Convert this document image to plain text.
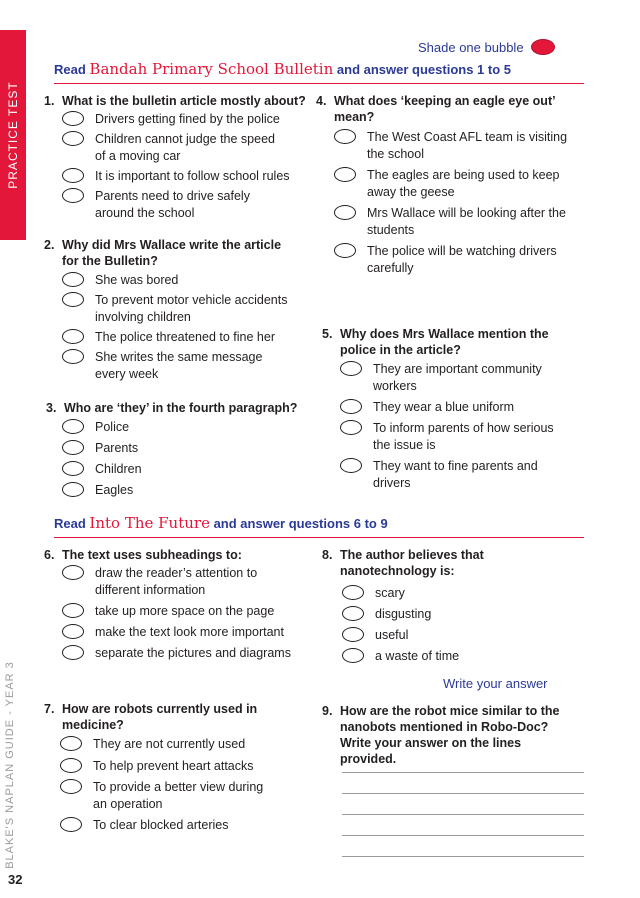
PRACTICE TEST
BLAKE'S NAPLAN GUIDE - YEAR 3
32
Shade one bubble
Read Bandah Primary School Bulletin and answer questions 1 to 5
1. What is the bulletin article mostly about?
Drivers getting fined by the police
Children cannot judge the speed of a moving car
It is important to follow school rules
Parents need to drive safely around the school
2. Why did Mrs Wallace write the article for the Bulletin?
She was bored
To prevent motor vehicle accidents involving children
The police threatened to fine her
She writes the same message every week
3. Who are ‘they’ in the fourth paragraph?
Police
Parents
Children
Eagles
4. What does ‘keeping an eagle eye out’ mean?
The West Coast AFL team is visiting the school
The eagles are being used to keep away the geese
Mrs Wallace will be looking after the students
The police will be watching drivers carefully
5. Why does Mrs Wallace mention the police in the article?
They are important community workers
They wear a blue uniform
To inform parents of how serious the issue is
They want to fine parents and drivers
Read Into The Future and answer questions 6 to 9
6. The text uses subheadings to:
draw the reader’s attention to different information
take up more space on the page
make the text look more important
separate the pictures and diagrams
7. How are robots currently used in medicine?
They are not currently used
To help prevent heart attacks
To provide a better view during an operation
To clear blocked arteries
8. The author believes that nanotechnology is:
scary
disgusting
useful
a waste of time
Write your answer
9. How are the robot mice similar to the nanobots mentioned in Robo-Doc? Write your answer on the lines provided.
